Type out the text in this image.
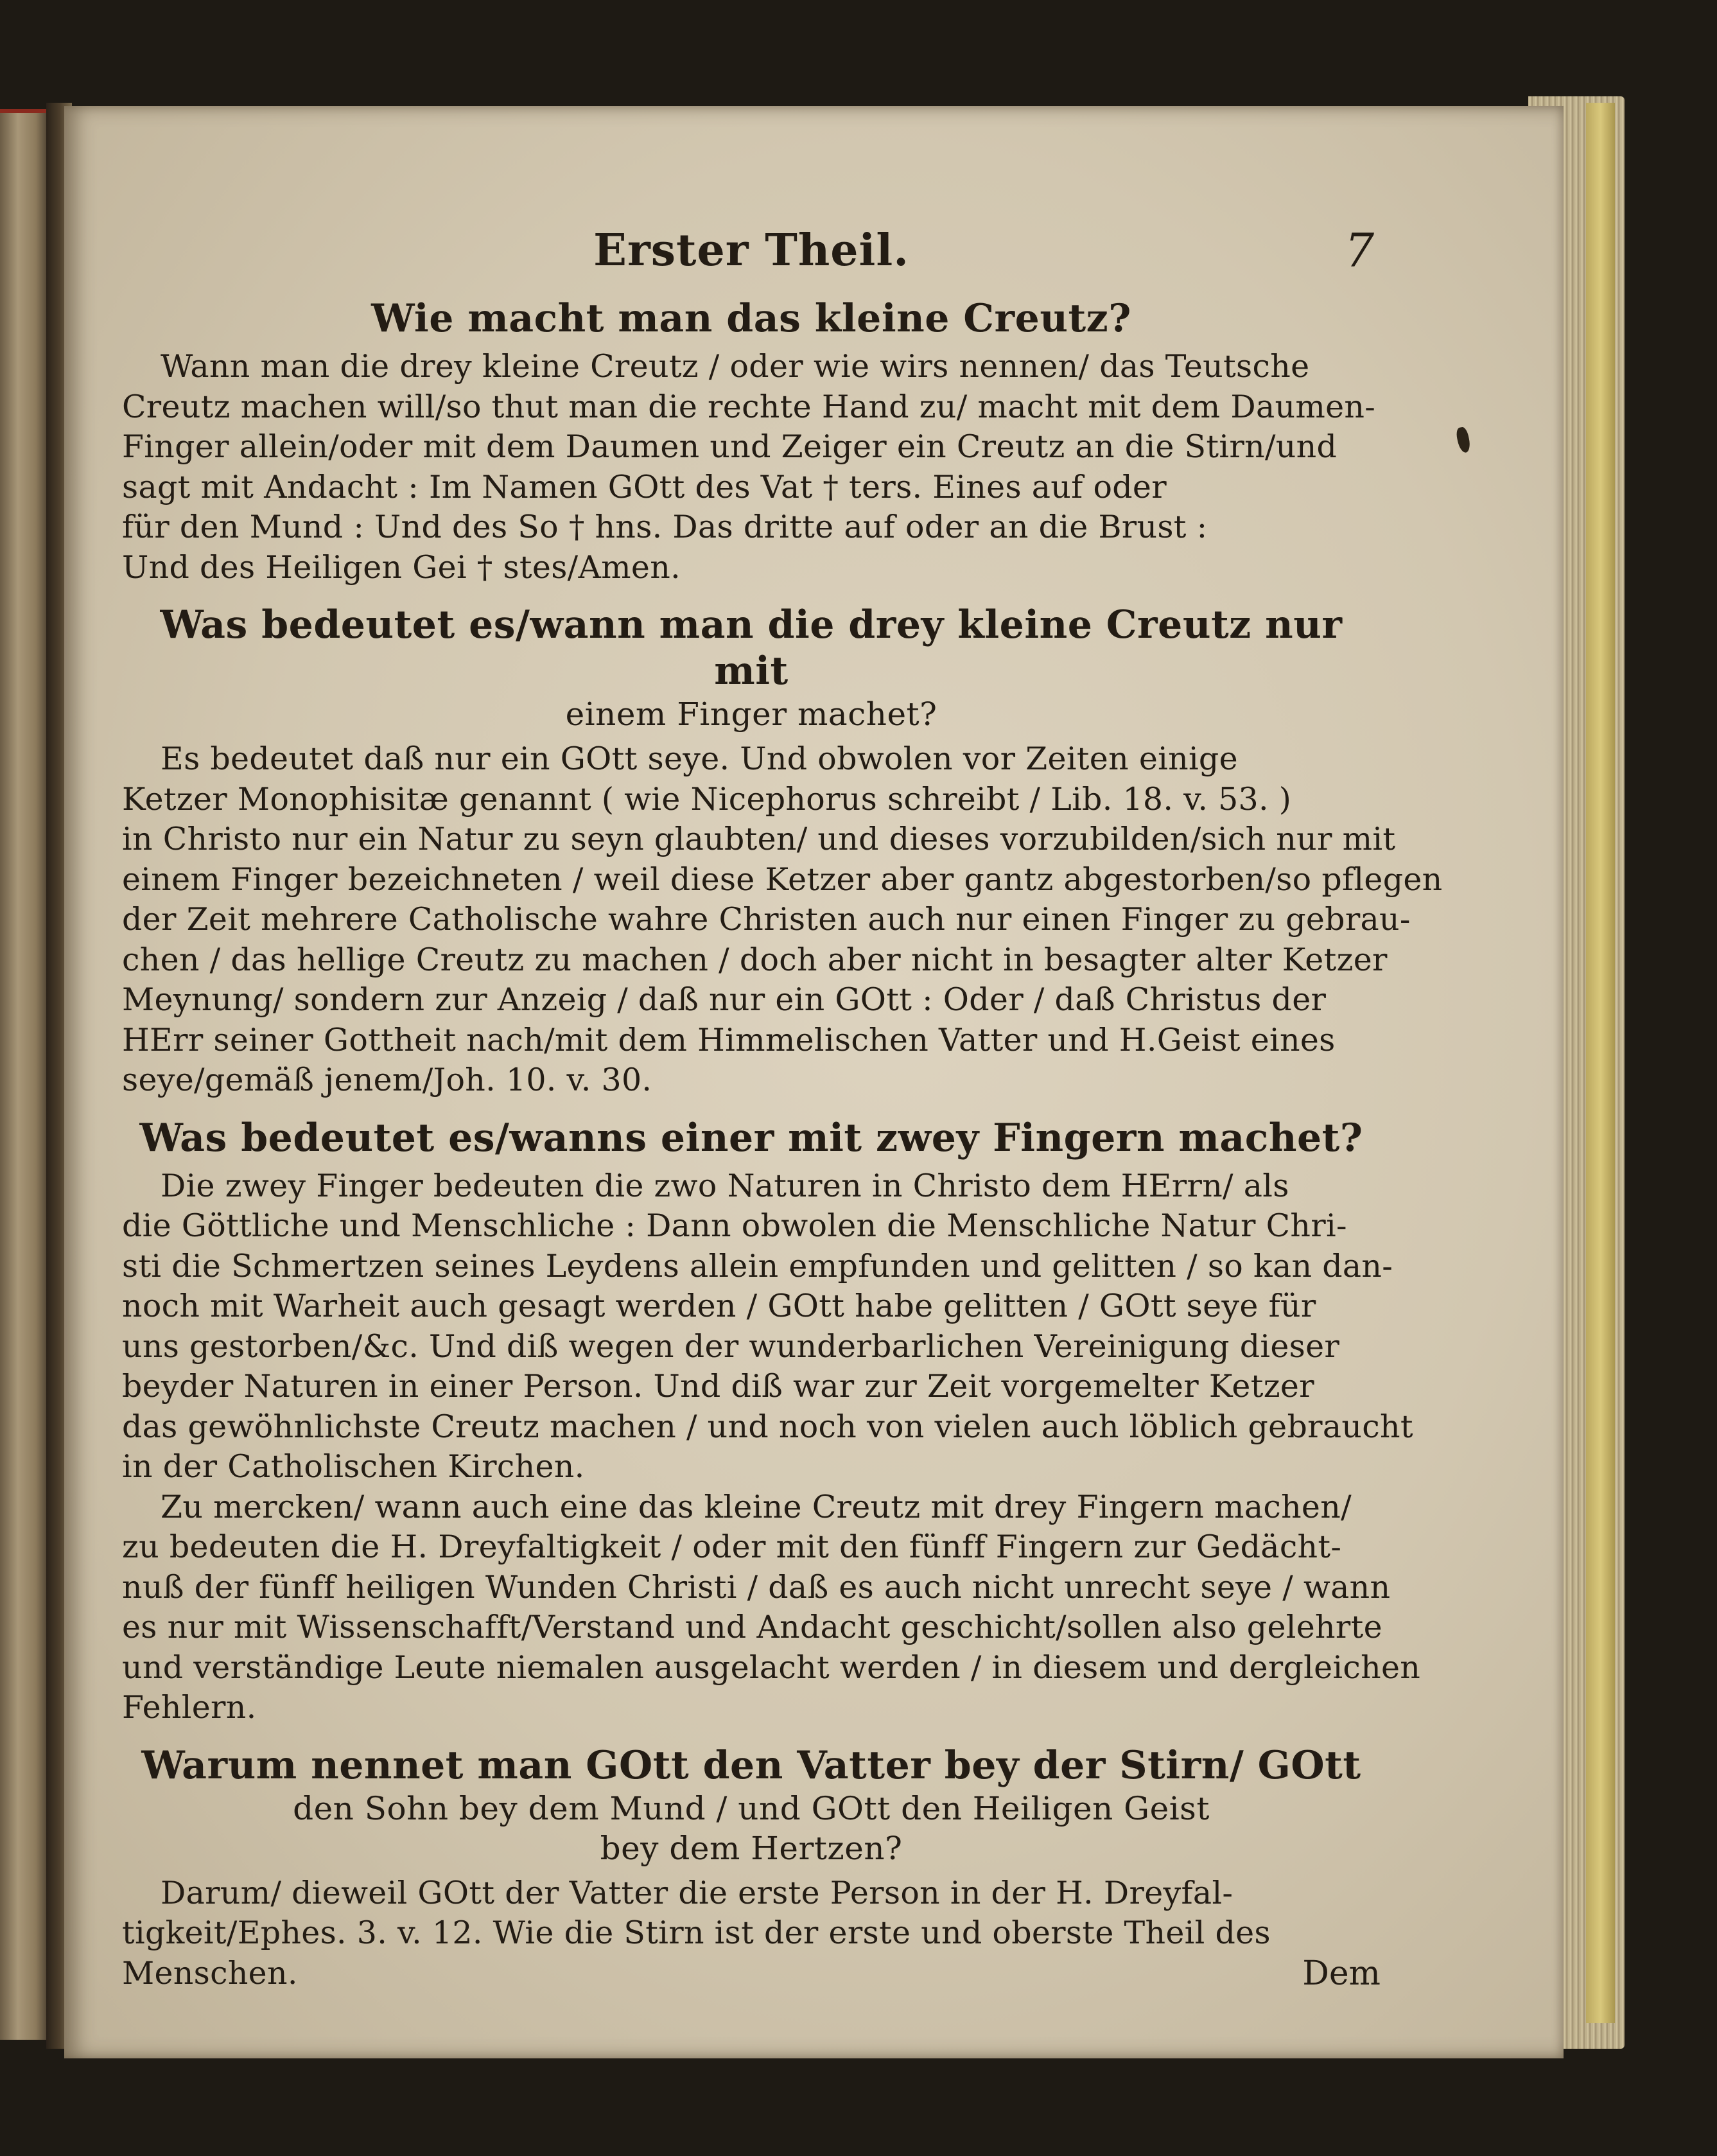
Erster Theil.	7
Wie macht man das kleine Creutz?

Wann man die drey kleine Creutz / oder wie wirs nennen/ das Teutsche
Creutz machen will/so thut man die rechte Hand zu/ macht mit dem Daumen-
Finger allein/oder mit dem Daumen und Zeiger ein Creutz an die Stirn/und
sagt mit Andacht : Im Namen GOtt des Vat † ters. Eines auf oder
für den Mund : Und des So † hns. Das dritte auf oder an die Brust :
Und des Heiligen Gei † stes/Amen.

Was bedeutet es/wann man die drey kleine Creutz nur mit
einem Finger machet?

Es bedeutet daß nur ein GOtt seye. Und obwolen vor Zeiten einige
Ketzer Monophisitæ genannt ( wie Nicephorus schreibt / Lib. 18. v. 53. )
in Christo nur ein Natur zu seyn glaubten/ und dieses vorzubilden/sich nur mit
einem Finger bezeichneten / weil diese Ketzer aber gantz abgestorben/so pflegen
der Zeit mehrere Catholische wahre Christen auch nur einen Finger zu gebrau-
chen / das hellige Creutz zu machen / doch aber nicht in besagter alter Ketzer
Meynung/ sondern zur Anzeig / daß nur ein GOtt : Oder / daß Christus der
HErr seiner Gottheit nach/mit dem Himmelischen Vatter und H.Geist eines
seye/gemäß jenem/Joh. 10. v. 30.

Was bedeutet es/wanns einer mit zwey Fingern machet?

Die zwey Finger bedeuten die zwo Naturen in Christo dem HErrn/ als
die Göttliche und Menschliche : Dann obwolen die Menschliche Natur Chri-
sti die Schmertzen seines Leydens allein empfunden und gelitten / so kan dan-
noch mit Warheit auch gesagt werden / GOtt habe gelitten / GOtt seye für
uns gestorben/&c. Und diß wegen der wunderbarlichen Vereinigung dieser
beyder Naturen in einer Person. Und diß war zur Zeit vorgemelter Ketzer
das gewöhnlichste Creutz machen / und noch von vielen auch löblich gebraucht
in der Catholischen Kirchen.

Zu mercken/ wann auch eine das kleine Creutz mit drey Fingern machen/
zu bedeuten die H. Dreyfaltigkeit / oder mit den fünff Fingern zur Gedächt-
nuß der fünff heiligen Wunden Christi / daß es auch nicht unrecht seye / wann
es nur mit Wissenschafft/Verstand und Andacht geschicht/sollen also gelehrte
und verständige Leute niemalen ausgelacht werden / in diesem und dergleichen
Fehlern.

Warum nennet man GOtt den Vatter bey der Stirn/ GOtt
den Sohn bey dem Mund / und GOtt den Heiligen Geist
bey dem Hertzen?

Darum/ dieweil GOtt der Vatter die erste Person in der H. Dreyfal-
tigkeit/Ephes. 3. v. 12. Wie die Stirn ist der erste und oberste Theil des
Menschen.	Dem
